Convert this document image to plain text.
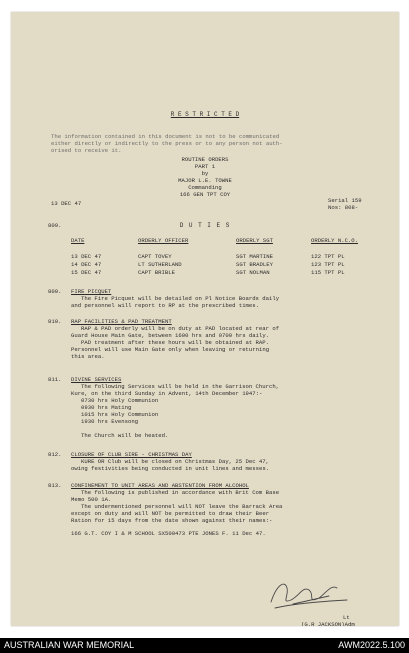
R E S T R I C T E D
The information contained in this document is not to be communicated
either directly or indirectly to the press or to any person not auth-
orised to receive it.
ROUTINE ORDERS
PART 1
by
MAJOR L.E. TOWNE
Commanding
166 GEN TPT COY
13 DEC 47	Serial 159
Nos: 808-
809.	D U T I E S
DATE	ORDERLY OFFICER	ORDERLY SGT	ORDERLY N.C.O.
13 DEC 47	CAPT TOVEY	SGT MARTINE	122 TPT PL
14 DEC 47	LT SUTHERLAND	SGT BRADLEY	123 TPT PL
15 DEC 47	CAPT BRIBLE	SGT NOLMAN	115 TPT PL
809. FIRE PICQUET
The Fire Picquet will be detailed on Pl Notice Boards daily
and personnel will report to RP at the prescribed times.
810. RAP FACILITIES & PAD TREATMENT
RAP & PAD orderly will be on duty at PAD located at rear of
Guard House Main Gate, between 1600 hrs and 0700 hrs daily.
PAD treatment after these hours will be obtained at RAP.
Personnel will use Main Gate only when leaving or returning
this area.
811. DIVINE SERVICES
The following Services will be held in the Garrison Church,
Kure, on the third Sunday in Advent, 14th December 1947:-
0730 hrs Holy Communion
0930 hrs Mating
1015 hrs Holy Communion
1930 hrs Evensong
The Church will be heated.
812. CLOSURE OF CLUB SIRE - CHRISTMAS DAY
KURE OR Club will be closed on Christmas Day, 25 Dec 47,
owing festivities being conducted in unit lines and messes.
813. CONFINEMENT TO UNIT AREAS AND ABSTENTION FROM ALCOHOL
The following is published in accordance with Brit Com Base
Memo 500 1A.
The undermentioned personnel will NOT leave the Barrack Area
except on duty and will NOT be permitted to draw their Beer
Ration for 15 days from the date shown against their names:-
166 G.T. COY I & M SCHOOL SX500473 PTE JONES F. 11 Dec 47.
Lt
(G.R JACKSON)Adm
AUSTRALIAN WAR MEMORIAL	AWM2022.5.100
